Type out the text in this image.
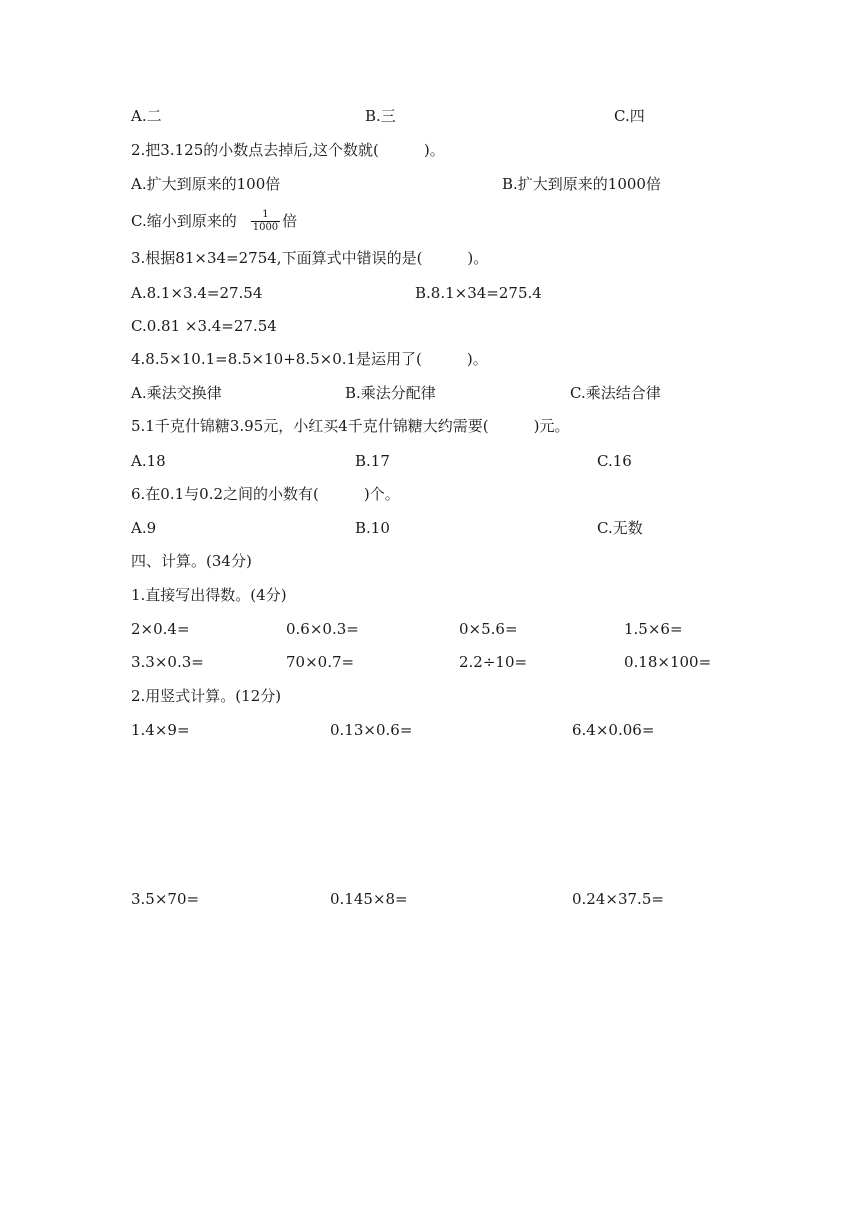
A.二	B.三	C.四
2.把3.125的小数点去掉后,这个数就(　　　)。
A.扩大到原来的100倍	B.扩大到原来的1000倍
C.缩小到原来的 $\frac{1}{1000}$ 倍
3.根据81×34=2754,下面算式中错误的是(　　　)。
A.8.1×3.4=27.54	B.8.1×34=275.4
C.0.81 ×3.4=27.54
4.8.5×10.1=8.5×10+8.5×0.1是运用了(　　　)。
A.乘法交换律	B.乘法分配律	C.乘法结合律
5.1千克什锦糖3.95元，小红买4千克什锦糖大约需要(　　　)元。
A.18	B.17	C.16
6.在0.1与0.2之间的小数有(　　　)个。
A.9	B.10	C.无数
四、计算。(34分)
1.直接写出得数。(4分)
2×0.4=	0.6×0.3=	0×5.6=	1.5×6=
3.3×0.3=	70×0.7=	2.2÷10=	0.18×100=
2.用竖式计算。(12分)
1.4×9=	0.13×0.6=	6.4×0.06=
3.5×70=	0.145×8=	0.24×37.5=
